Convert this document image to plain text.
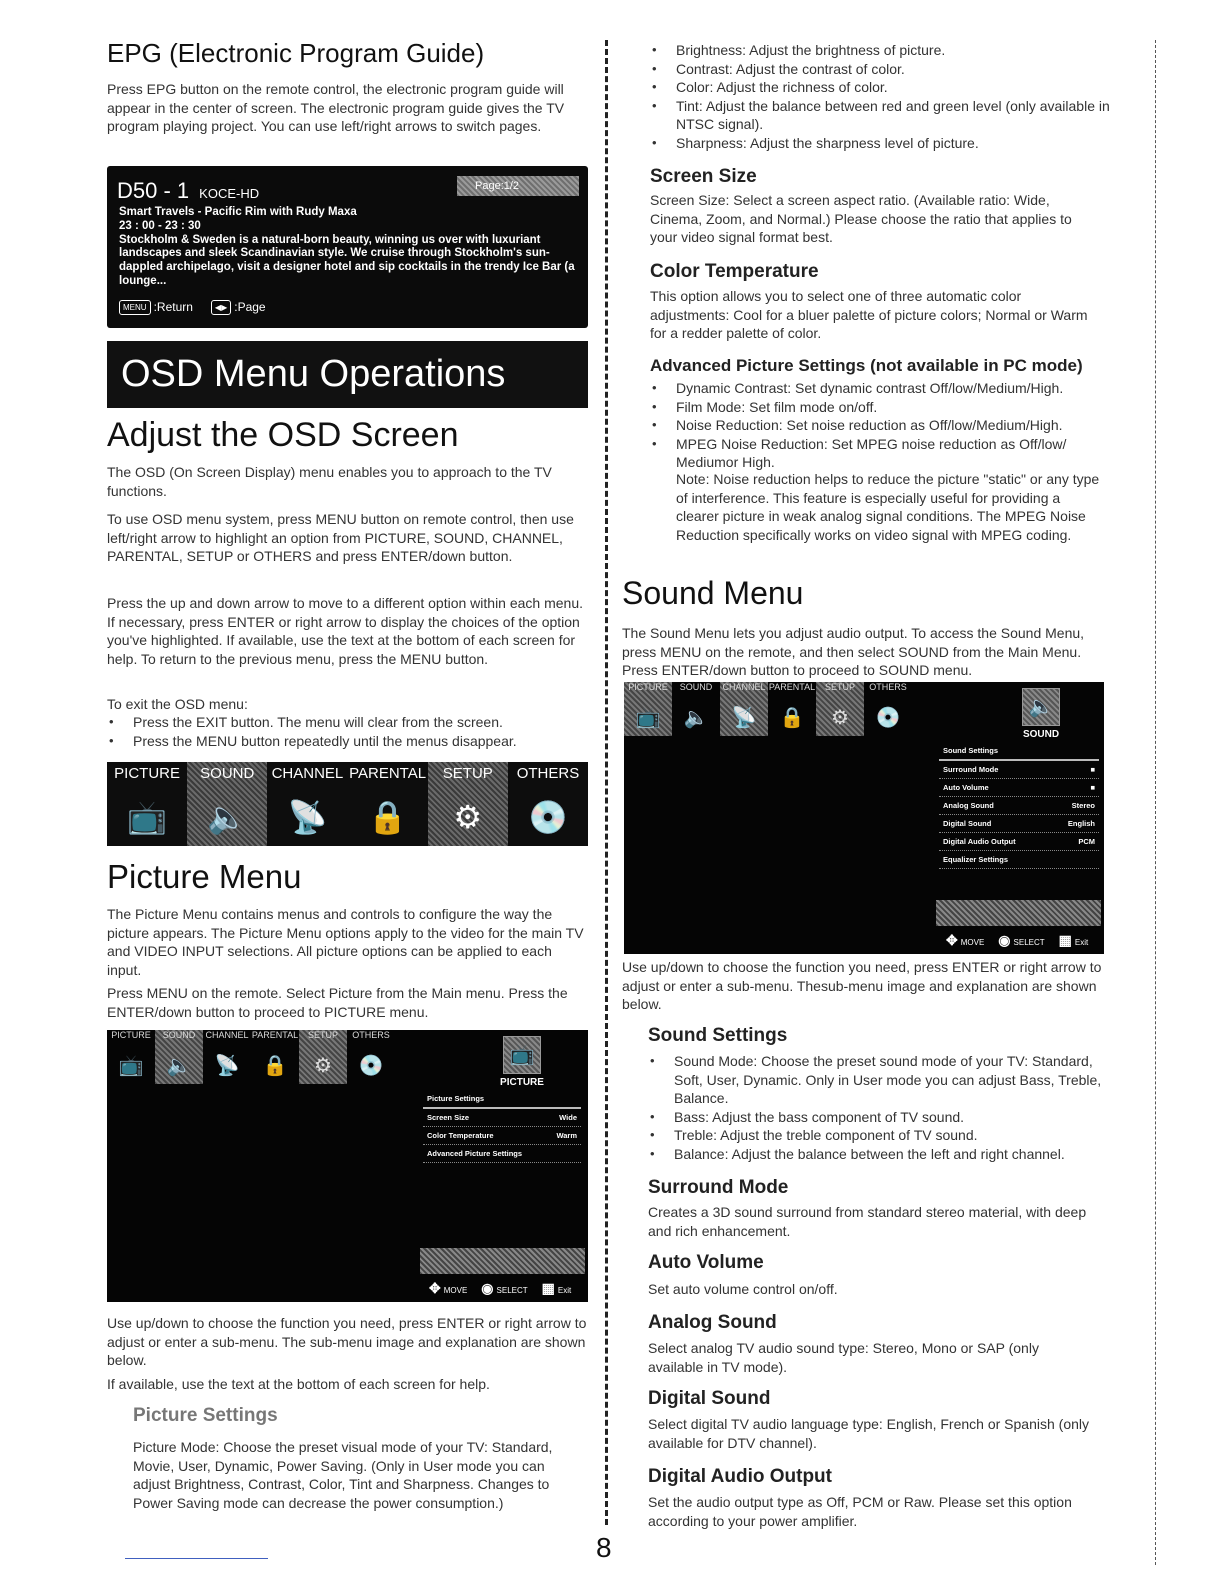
EPG (Electronic Program Guide)

Press EPG button on the remote control, the electronic program guide will appear in the center of screen. The electronic program guide gives the TV program playing project. You can use left/right arrows to switch pages.

D50 - 1 KOCE-HD	Page:1/2
Smart Travels - Pacific Rim with Rudy Maxa
23 : 00 - 23 : 30
Stockholm & Sweden is a natural-born beauty, winning us over with luxuriant landscapes and sleek Scandinavian style. We cruise through Stockholm's sun-dappled archipelago, visit a designer hotel and sip cocktails in the trendy Ice Bar (a lounge...
MENU :Return	◀▶ :Page
OSD Menu Operations
Adjust the OSD Screen

The OSD (On Screen Display) menu enables you to approach to the TV functions.

To use OSD menu system, press MENU button on remote control, then use left/right arrow to highlight an option from PICTURE, SOUND, CHANNEL, PARENTAL, SETUP or OTHERS and press ENTER/down button.

Press the up and down arrow to move to a different option within each menu. If necessary, press ENTER or right arrow to display the choices of the option you've highlighted. If available, use the text at the bottom of each screen for help. To return to the previous menu, press the MENU button.

To exit the OSD menu:

• Press the EXIT button. The menu will clear from the screen.
• Press the MENU button repeatedly until the menus disappear.
PICTURE
📺
SOUND
🔈
CHANNEL
📡
PARENTAL
🔒
SETUP
⚙
OTHERS
💿
Picture Menu

The Picture Menu contains menus and controls to configure the way the picture appears. The Picture Menu options apply to the video for the main TV and VIDEO INPUT selections. All picture options can be applied to each input.

Press MENU on the remote. Select Picture from the Main menu. Press the ENTER/down button to proceed to PICTURE menu.

PICTURE
📺
SOUND
🔈
CHANNEL
📡
PARENTAL
🔒
SETUP
⚙
OTHERS
💿	📺
PICTURE
Picture Settings
Screen Size	Wide
Color Temperature	Warm
Advanced Picture Settings
✥ MOVE ◉ SELECT ▦ Exit

Use up/down to choose the function you need, press ENTER or right arrow to adjust or enter a sub-menu. The sub-menu image and explanation are shown below.

If available, use the text at the bottom of each screen for help.

Picture Settings

Picture Mode: Choose the preset visual mode of your TV: Standard, Movie, User, Dynamic, Power Saving. (Only in User mode you can adjust Brightness, Contrast, Color, Tint and Sharpness. Changes to Power Saving mode can decrease the power consumption.)

• Brightness: Adjust the brightness of picture.
• Contrast: Adjust the contrast of color.
• Color: Adjust the richness of color.
• Tint: Adjust the balance between red and green level (only available in NTSC signal).
• Sharpness: Adjust the sharpness level of picture.
Screen Size

Screen Size: Select a screen aspect ratio. (Available ratio: Wide, Cinema, Zoom, and Normal.) Please choose the ratio that applies to your video signal format best.

Color Temperature

This option allows you to select one of three automatic color adjustments: Cool for a bluer palette of picture colors; Normal or Warm for a redder palette of color.

Advanced Picture Settings (not available in PC mode)
• Dynamic Contrast: Set dynamic contrast Off/low/Medium/High.
• Film Mode: Set film mode on/off.
• Noise Reduction: Set noise reduction as Off/low/Medium/High.
• MPEG Noise Reduction: Set MPEG noise reduction as Off/low/ Mediumor High.

Note: Noise reduction helps to reduce the picture "static" or any type of interference. This feature is especially useful for providing a clearer picture in weak analog signal conditions. The MPEG Noise Reduction specifically works on video signal with MPEG coding.

Sound Menu

The Sound Menu lets you adjust audio output. To access the Sound Menu, press MENU on the remote, and then select SOUND from the Main Menu. Press ENTER/down button to proceed to SOUND menu.

PICTURE
📺
SOUND
🔈
CHANNEL
📡
PARENTAL
🔒
SETUP
⚙
OTHERS
💿	🔈
SOUND
Sound Settings
Surround Mode	■
Auto Volume	■
Analog Sound	Stereo
Digital Sound	English
Digital Audio Output	PCM
Equalizer Settings
✥ MOVE ◉ SELECT ▦ Exit

Use up/down to choose the function you need, press ENTER or right arrow to adjust or enter a sub-menu. Thesub-menu image and explanation are shown below.

Sound Settings
• Sound Mode: Choose the preset sound mode of your TV: Standard, Soft, User, Dynamic. Only in User mode you can adjust Bass, Treble, Balance.
• Bass: Adjust the bass component of TV sound.
• Treble: Adjust the treble component of TV sound.
• Balance: Adjust the balance between the left and right channel.
Surround Mode

Creates a 3D sound surround from standard stereo material, with deep and rich enhancement.

Auto Volume

Set auto volume control on/off.

Analog Sound

Select analog TV audio sound type: Stereo, Mono or SAP (only available in TV mode).

Digital Sound

Select digital TV audio language type: English, French or Spanish (only available for DTV channel).

Digital Audio Output

Set the audio output type as Off, PCM or Raw. Please set this option according to your power amplifier.

8
